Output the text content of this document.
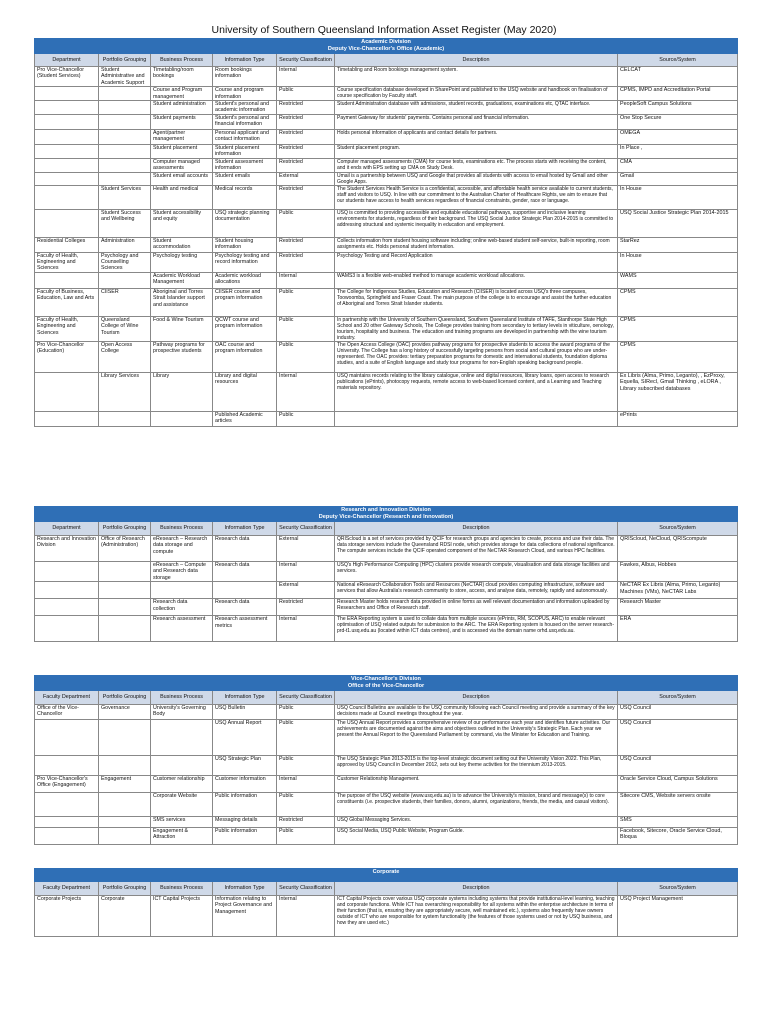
University of Southern Queensland Information Asset Register (May 2020)
Academic Division
Deputy Vice-Chancellor's Office (Academic)						

Department	Portfolio Grouping	Business Process	Information Type	Security Classification	Description	Source/System
Pro Vice-Chancellor (Student Services)	Student Administrative and Academic Support	Timetabling/room bookings	Room bookings information	Internal	Timetabling and Room bookings management system.	CELCAT
		Course and Program management	Course and program information	Public	Course specification database developed in SharePoint and published to the USQ website and handbook on finalisation of course specification by Faculty staff.	CPMS, IMPD and Accreditation Portal
		Student administration	Student's personal and academic information	Restricted	Student Administration database with admissions, student records, graduations, examinations etc, QTAC interface.	PeopleSoft Campus Solutions
		Student payments	Student's personal and financial information	Restricted	Payment Gateway for students' payments. Contains personal and financial information.	One Stop Secure
		Agent/partner management	Personal applicant and contact information	Restricted	Holds personal information of applicants and contact details for partners.	OMEGA
		Student placement	Student placement information	Restricted	Student placement program.	In Place ,
		Computer managed assessments	Student assessment information	Restricted	Computer managed assessments (CMA) for course tests, examinations etc. The process starts with receiving the content, and it ends with EPS setting up CMA on Study Desk.	CMA
		Student email accounts	Student emails	External	Umail is a partnership between USQ and Google that provides all students with access to email hosted by Gmail and other Google Apps.	Gmail
	Student Services	Health and medical	Medical records	Restricted	The Student Services Health Service is a confidential, accessible, and affordable health service available to current students, staff and visitors to USQ. In line with our commitment to the Australian Charter of Healthcare Rights, we aim to ensure that our students have access to health services regardless of financial constraints, gender, race or language.	In House
	Student Success and Wellbeing	Student accessibility and equity	USQ strategic planning documentation	Public	USQ is committed to providing accessible and equitable educational pathways, supportive and inclusive learning environments for students, regardless of their background. The USQ Social Justice Strategic Plan 2014-2015 is committed to addressing structural and systemic inequality in education and employment.	USQ Social Justice Strategic Plan 2014-2015
Residential Colleges	Administration	Student accommodation	Student housing information	Restricted	Collects information from student housing software including; online web-based student self-service, built-in reporting, room assignments etc. Holds personal student information.	StarRez
Faculty of Health, Engineering and Sciences	Psychology and Counselling Sciences	Psychology testing	Psychology testing and record information	Restricted	Psychology Testing and Record Application	In House
		Academic Workload Management	Academic workload allocations	Internal	WAMS3 is a flexible web-enabled method to manage academic workload allocations.	WAMS
Faculty of Business, Education, Law and Arts	CIISER	Aboriginal and Torres Strait Islander support and assistance	CIISER course and program information	Public	The College for Indigenous Studies, Education and Research (CIISER) is located across USQ's three campuses, Toowoomba, Springfield and Fraser Coast. The main purpose of the college is to encourage and assist the further education of Aboriginal and Torres Strait Islander students.	CPMS
Faculty of Health, Engineering and Sciences	Queensland College of Wine Tourism	Food & Wine Tourism	QCWT course and program information	Public	In partnership with the University of Southern Queensland, Southern Queensland Institute of TAFE, Stanthorpe State High School and 20 other Gateway Schools, The College provides training from secondary to tertiary levels in viticulture, oenology, tourism, hospitality and business. The education and training programs are developed in partnership with the wine tourism industry.	CPMS
Pro Vice-Chancellor (Education)	Open Access College	Pathway programs for prospective students	OAC course and program information	Public	The Open Access College (OAC) provides pathway programs for prospective students to access the award programs of the University. The College has a long history of successfully targeting persons from social and cultural groups who are under-represented. The OAC provides: tertiary preparation programs for domestic and international students, foundation diploma studies, and a suite of English language and study tour programs for non-English speaking background people.	CPMS
	Library Services	Library	Library and digital resources	Internal	USQ maintains records relating to the library catalogue, online and digital resources, library loans, open access to research publications (ePrints), photocopy requests, remote access to web-based licensed content, and a Learning and Teaching materials repository.	Ex Libris (Alma, Primo, Leganto), , EzProxy, Equella, SIRecI, Gmail Thinking , eLORA , Library subscribed databases
			Published Academic articles	Public		ePrints
Research and Innovation Division
Deputy Vice-Chancellor (Research and Innovation)						

Department	Portfolio Grouping	Business Process	Information Type	Security Classification	Description	Source/System
Research and Innovation Division	Office of Research (Administration)	eResearch – Research data storage and compute	Research data	External	QRIScloud is a set of services provided by QCIF for research groups and agencies to create, process and use their data. The data storage services include the Queensland RDSI node, which provides storage for data collections of national significance. The compute services include the QCIF operated component of the NeCTAR Research Cloud, and various HPC facilities.	QRIScloud, NeCloud, QRIScompute
		eResearch – Compute and Research data storage	Research data	Internal	USQ's High Performance Computing (HPC) clusters provide research compute, visualisation and data storage facilities and services.	Fawkes, Albus, Hobbes
				External	National eResearch Collaboration Tools and Resources (NeCTAR) cloud provides computing infrastructure, software and services that allow Australia's research community to store, access, and analyse data, remotely, rapidly and autonomously.	NeCTAR Ex Libris (Alma, Primo, Leganto) Machines (VMs), NeCTAR Labs
		Research data collection	Research data	Restricted	Research Master holds research data provided in online forms as well relevant documentation and information uploaded by Researchers and Office of Research staff.	Research Master
		Research assessment	Research assessment metrics	Internal	The ERA Reporting system is used to collate data from multiple sources (ePrints, RM, SCOPUS, ARC) to enable relevant optimisation of USQ related outputs for submission to the ARC. The ERA Reporting system is housed on the server research-prd-t1.usq.edu.au (located within ICT data centres), and is accessed via the domain name orhd.usq.edu.au.	ERA
Vice-Chancellor's Division
Office of the Vice-Chancellor						

Faculty Department	Portfolio Grouping	Business Process	Information Type	Security Classification	Description	Source/System
Office of the Vice-Chancellor	Governance	University's Governing Body	USQ Bulletin	Public	USQ Council Bulletins are available to the USQ community following each Council meeting and provide a summary of the key decisions made at Council meetings throughout the year.	USQ Council
			USQ Annual Report	Public	The USQ Annual Report provides a comprehensive review of our performance each year and identifies future activities. Our achievements are documented against the aims and objectives outlined in the University's Strategic Plan. Each year we present the Annual Report to the Queensland Parliament by command, via the Minister for Education and Training.	USQ Council
			USQ Strategic Plan	Public	The USQ Strategic Plan 2013-2015 is the top-level strategic document setting out the University Vision 2022. This Plan, approved by USQ Council in December 2012, sets out key theme activities for the triennium 2013-2015.	USQ Council
Pro Vice-Chancellor's Office (Engagement)	Engagement	Customer relationship	Customer information	Internal	Customer Relationship Management.	Oracle Service Cloud, Campus Solutions
		Corporate Website	Public information	Public	The purpose of the USQ website (www.usq.edu.au) is to advance the University's mission, brand and message(s) to core constituents (i.e. prospective students, their families, donors, alumni, organizations, friends, the media, and casual visitors).	Sitecore CMS, Website servers onsite
		SMS services	Messaging details	Restricted	USQ Global Messaging Services.	SMS
		Engagement & Attraction	Public information	Public	USQ Social Media, USQ Public Website, Program Guide.	Facebook, Sitecore, Oracle Service Cloud, Bloqua
Corporate						

Faculty Department	Portfolio Grouping	Business Process	Information Type	Security Classification	Description	Source/System
Corporate Projects	Corporate	ICT Capital Projects	Information relating to Project Governance and Management	Internal	ICT Capital Projects cover various USQ corporate systems including systems that provide institutional-level learning, teaching and corporate functions. While ICT has overarching responsibility for all systems within the enterprise architecture in terms of their function (that is, ensuring they are appropriately secure, well maintained etc.), systems also frequently have owners outside of ICT who are responsible for system functionality (the features of those systems used or not by USQ business, and how they are used etc.)	USQ Project Management
